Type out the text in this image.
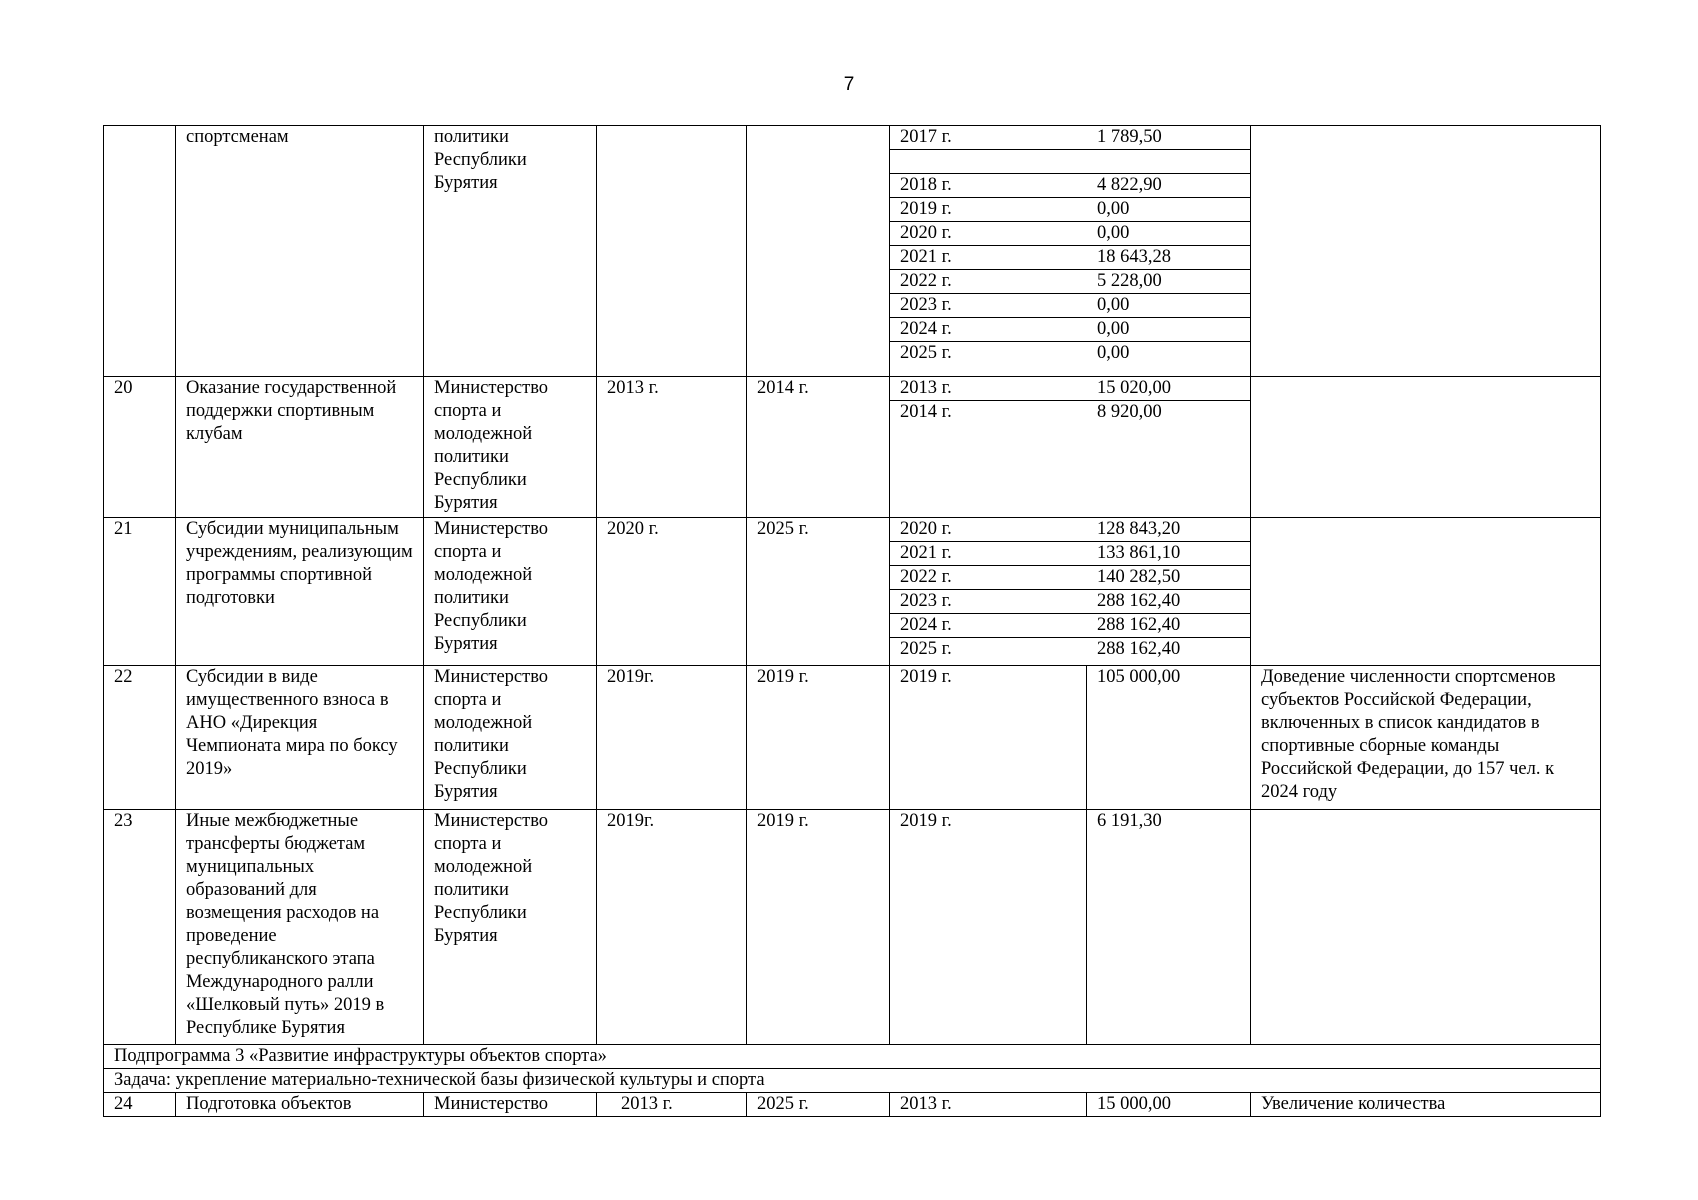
7
	спортсменам	политики Республики Бурятия			
2017 г.	1 789,50

2018 г.	4 822,90
2019 г.	0,00
2020 г.	0,00
2021 г.	18 643,28
2022 г.	5 228,00
2023 г.	0,00
2024 г.	0,00
2025 г.	0,00

20	Оказание государственной поддержки спортивным клубам	Министерство спорта и молодежной политики Республики Бурятия	2013 г.	2014 г.		2013 г.	15 020,00
2014 г.	8 920,00

21	Субсидии муниципальным учреждениям, реализующим программы спортивной подготовки	Министерство спорта и молодежной политики Республики Бурятия	2020 г.	2025 г.		2020 г.	128 843,20
2021 г.	133 861,10
2022 г.	140 282,50
2023 г.	288 162,40
2024 г.	288 162,40
2025 г.	288 162,40

22	Субсидии в виде имущественного взноса в АНО «Дирекция Чемпионата мира по боксу 2019»	Министерство спорта и молодежной политики Республики Бурятия	2019г.	2019 г.	2019 г.	105 000,00	Доведение численности спортсменов субъектов Российской Федерации, включенных в список кандидатов в спортивные сборные команды Российской Федерации, до 157 чел. к 2024 году
23	Иные межбюджетные трансферты бюджетам муниципальных образований для возмещения расходов на проведение республиканского этапа Международного ралли «Шелковый путь» 2019 в Республике Бурятия	Министерство спорта и молодежной политики Республики Бурятия	2019г.	2019 г.	2019 г.	6 191,30	
Подпрограмма 3 «Развитие инфраструктуры объектов спорта»
Задача: укрепление материально-технической базы физической культуры и спорта
24	Подготовка объектов	Министерство	2013 г.	2025 г.	2013 г.	15 000,00	Увеличение количества
